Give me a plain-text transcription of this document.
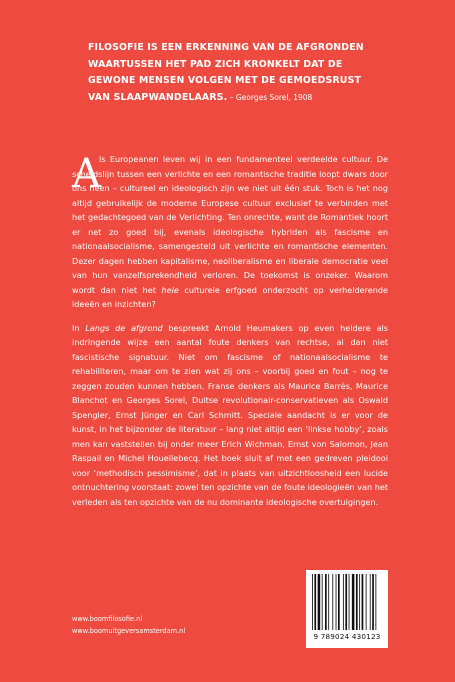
FILOSOFIE IS EEN ERKENNING VAN DE AFGRONDEN
WAARTUSSEN HET PAD ZICH KRONKELT DAT DE
GEWONE MENSEN VOLGEN MET DE GEMOEDSRUST
VAN SLAAPWANDELAARS. – Georges Sorel, 1908
A

ls Europeanen leven wij in een fundamenteel verdeelde cultuur. De scheidslijn tussen een verlichte en een romantische traditie loopt dwars door ons heen – cultureel en ideologisch zijn we niet uit één stuk. Toch is het nog altijd gebruikelijk de moderne Europese cultuur exclusief te verbinden met het gedachtegoed van de Verlichting. Ten onrechte, want de Romantiek hoort er net zo goed bij, evenals ideologische hybriden als fascisme en nationaalsocialisme, samengesteld uit verlichte en romantische elementen. Dezer dagen hebben kapitalisme, neoliberalisme en liberale democratie veel van hun vanzelfsprekendheid verloren. De toekomst is onzeker. Waarom wordt dan niet het hele culturele erfgoed onderzocht op verhelderende ideeën en inzichten?

In Langs de afgrond bespreekt Arnold Heumakers op even heldere als indringende wijze een aantal foute denkers van rechtse, al dan niet fascistische signatuur. Niet om fascisme of nationaalsocialisme te rehabiliteren, maar om te zien wat zij ons – voorbij goed en fout – nog te zeggen zouden kunnen hebben. Franse denkers als Maurice Barrès, Maurice Blanchot en Georges Sorel, Duitse revolutionair-conservatieven als Oswald Spengler, Ernst Jünger en Carl Schmitt. Speciale aandacht is er voor de kunst, in het bijzonder de literatuur – lang niet altijd een ‘linkse hobby’, zoals men kan vaststellen bij onder meer Erich Wichman, Ernst von Salomon, Jean Raspail en Michel Houellebecq. Het boek sluit af met een gedreven pleidooi voor ‘methodisch pessimisme’, dat in plaats van uitzichtloosheid een lucide ontnuchtering voorstaat: zowel ten opzichte van de foute ideologieën van het verleden als ten opzichte van de nu dominante ideologische overtuigingen.

www.boomfilosofie.nl
www.boomuitgeversamsterdam.nl
9 789024 430123
